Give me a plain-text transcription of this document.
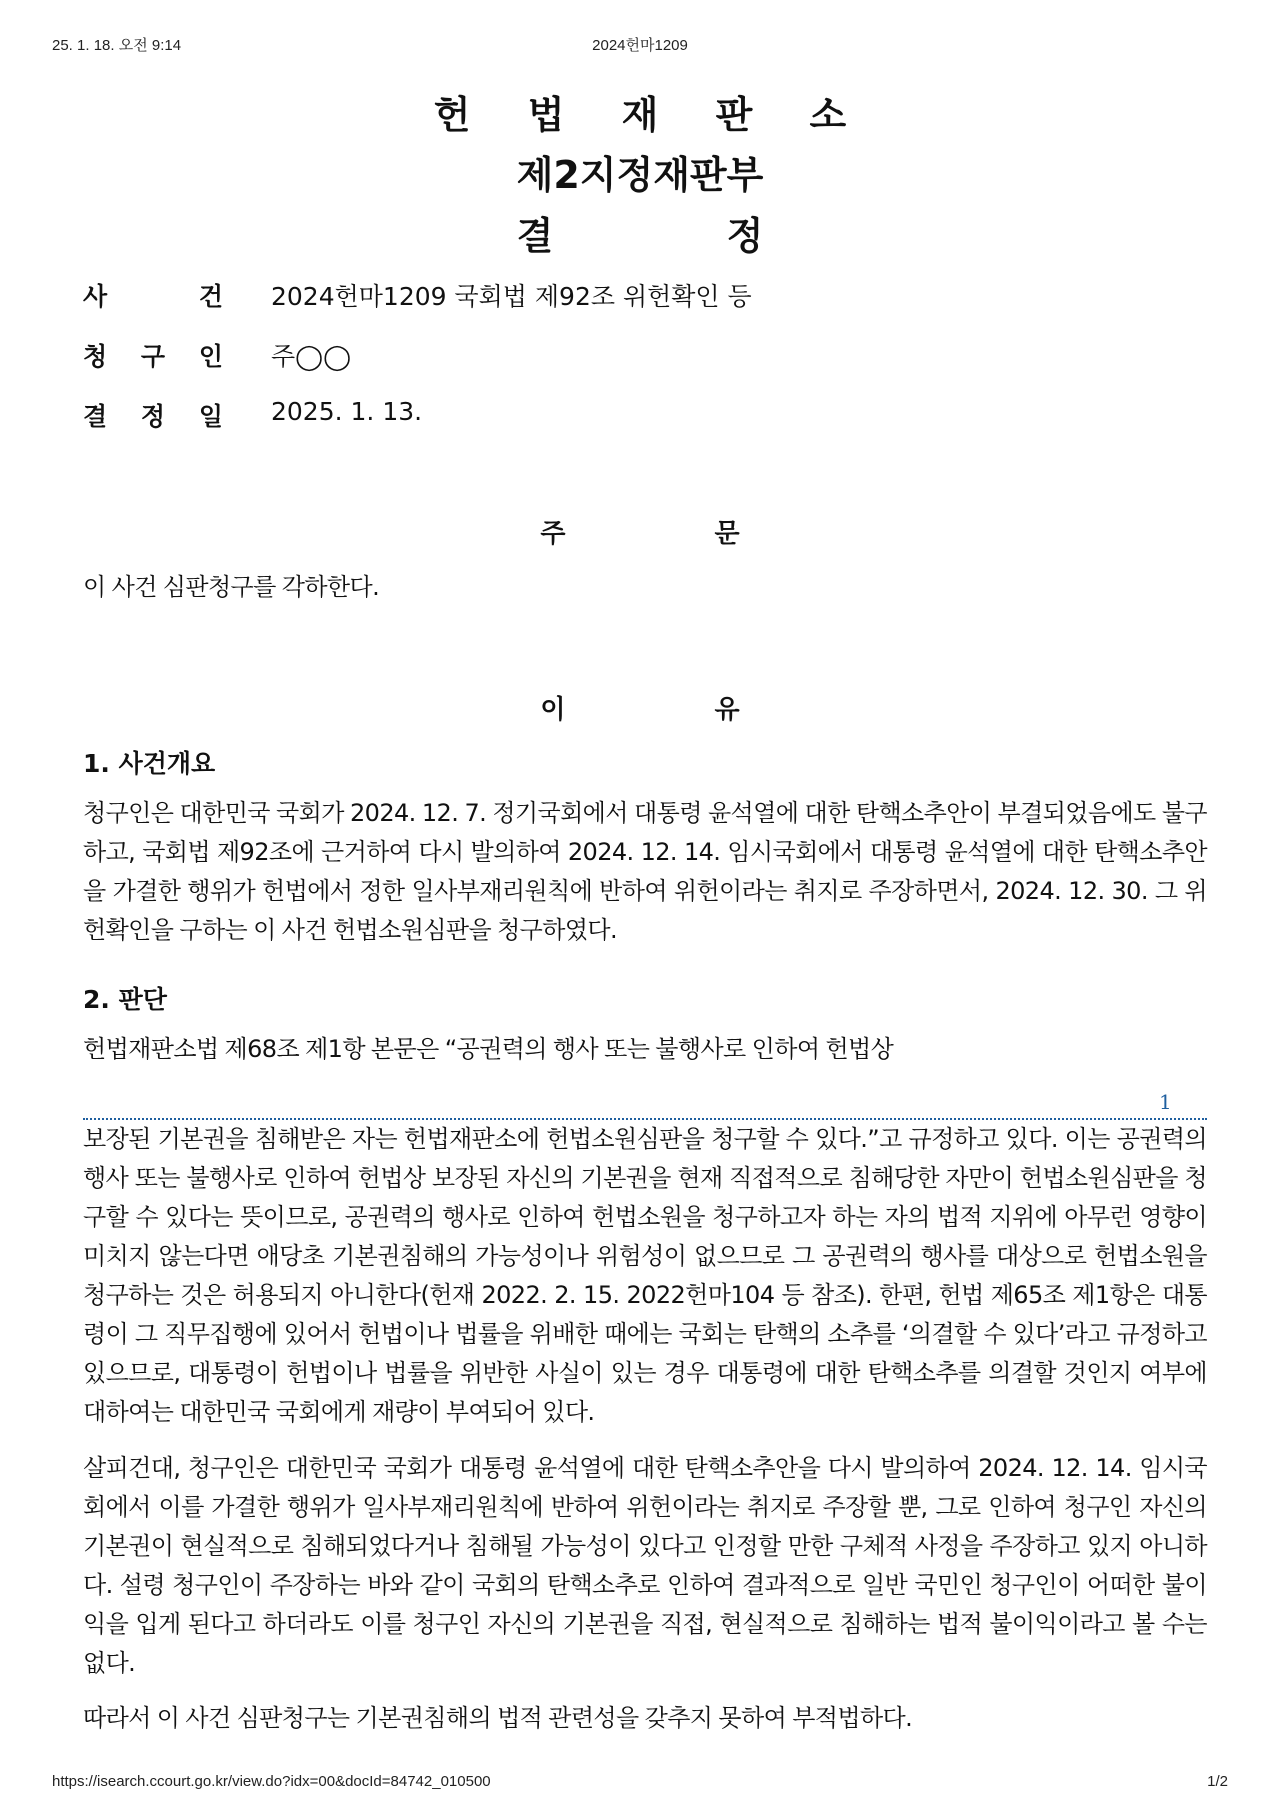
25. 1. 18. 오전 9:14	2024헌마1209
헌 법 재 판 소
제2지정재판부
결 정
사	건 2024헌마1209 국회법 제92조 위헌확인 등
청 구 인 주◯◯
결 정 일 2025. 1. 13.
주 문
이 사건 심판청구를 각하한다.
이 유
1. 사건개요
청구인은 대한민국 국회가 2024. 12. 7. 정기국회에서 대통령 윤석열에 대한 탄핵소추안이 부결되었음에도 불구하고, 국회법 제92조에 근거하여 다시 발의하여 2024. 12. 14. 임시국회에서 대통령 윤석열에 대한 탄핵소추안을 가결한 행위가 헌법에서 정한 일사부재리원칙에 반하여 위헌이라는 취지로 주장하면서, 2024. 12. 30. 그 위헌확인을 구하는 이 사건 헌법소원심판을 청구하였다.
2. 판단
헌법재판소법 제68조 제1항 본문은 “공권력의 행사 또는 불행사로 인하여 헌법상
1
보장된 기본권을 침해받은 자는 헌법재판소에 헌법소원심판을 청구할 수 있다.”고 규정하고 있다. 이는 공권력의 행사 또는 불행사로 인하여 헌법상 보장된 자신의 기본권을 현재 직접적으로 침해당한 자만이 헌법소원심판을 청구할 수 있다는 뜻이므로, 공권력의 행사로 인하여 헌법소원을 청구하고자 하는 자의 법적 지위에 아무런 영향이 미치지 않는다면 애당초 기본권침해의 가능성이나 위험성이 없으므로 그 공권력의 행사를 대상으로 헌법소원을 청구하는 것은 허용되지 아니한다(헌재 2022. 2. 15. 2022헌마104 등 참조). 한편, 헌법 제65조 제1항은 대통령이 그 직무집행에 있어서 헌법이나 법률을 위배한 때에는 국회는 탄핵의 소추를 ‘의결할 수 있다’라고 규정하고 있으므로, 대통령이 헌법이나 법률을 위반한 사실이 있는 경우 대통령에 대한 탄핵소추를 의결할 것인지 여부에 대하여는 대한민국 국회에게 재량이 부여되어 있다.
살피건대, 청구인은 대한민국 국회가 대통령 윤석열에 대한 탄핵소추안을 다시 발의하여 2024. 12. 14. 임시국회에서 이를 가결한 행위가 일사부재리원칙에 반하여 위헌이라는 취지로 주장할 뿐, 그로 인하여 청구인 자신의 기본권이 현실적으로 침해되었다거나 침해될 가능성이 있다고 인정할 만한 구체적 사정을 주장하고 있지 아니하다. 설령 청구인이 주장하는 바와 같이 국회의 탄핵소추로 인하여 결과적으로 일반 국민인 청구인이 어떠한 불이익을 입게 된다고 하더라도 이를 청구인 자신의 기본권을 직접, 현실적으로 침해하는 법적 불이익이라고 볼 수는 없다.
따라서 이 사건 심판청구는 기본권침해의 법적 관련성을 갖추지 못하여 부적법하다.
https://isearch.ccourt.go.kr/view.do?idx=00&docId=84742_010500	1/2
